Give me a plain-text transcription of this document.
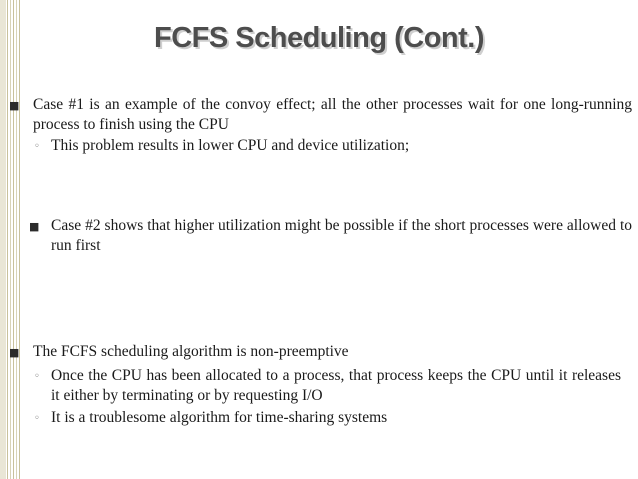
FCFS Scheduling (Cont.)
■ Case #1 is an example of the convoy effect; all the other processes wait for one long-running process to finish using the CPU
◦ This problem results in lower CPU and device utilization;
■ Case #2 shows that higher utilization might be possible if the short processes were allowed to run first
■ The FCFS scheduling algorithm is non-preemptive
◦ Once the CPU has been allocated to a process, that process keeps the CPU until it releases it either by terminating or by requesting I/O
◦ It is a troublesome algorithm for time-sharing systems
